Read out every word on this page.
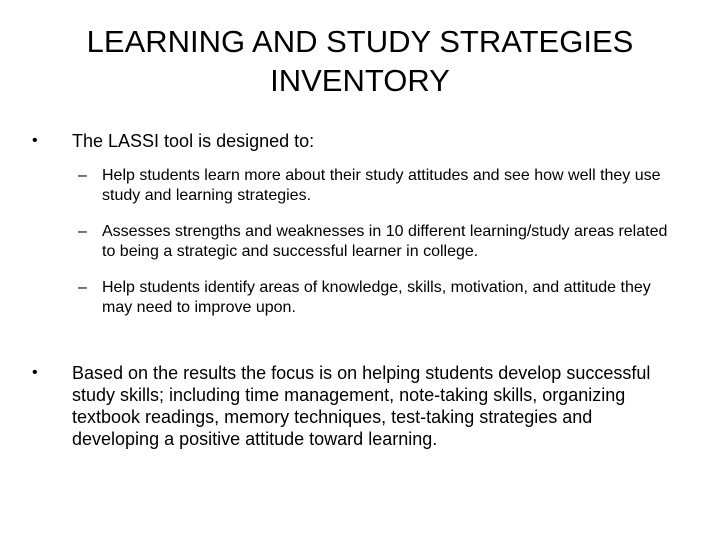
LEARNING AND STUDY STRATEGIES
INVENTORY
• The LASSI tool is designed to:
– Help students learn more about their study attitudes and see how well they use study and learning strategies.
– Assesses strengths and weaknesses in 10 different learning/study areas related to being a strategic and successful learner in college.
– Help students identify areas of knowledge, skills, motivation, and attitude they may need to improve upon.
• Based on the results the focus is on helping students develop successful study skills; including time management, note-taking skills, organizing textbook readings, memory techniques, test-taking strategies and developing a positive attitude toward learning.
